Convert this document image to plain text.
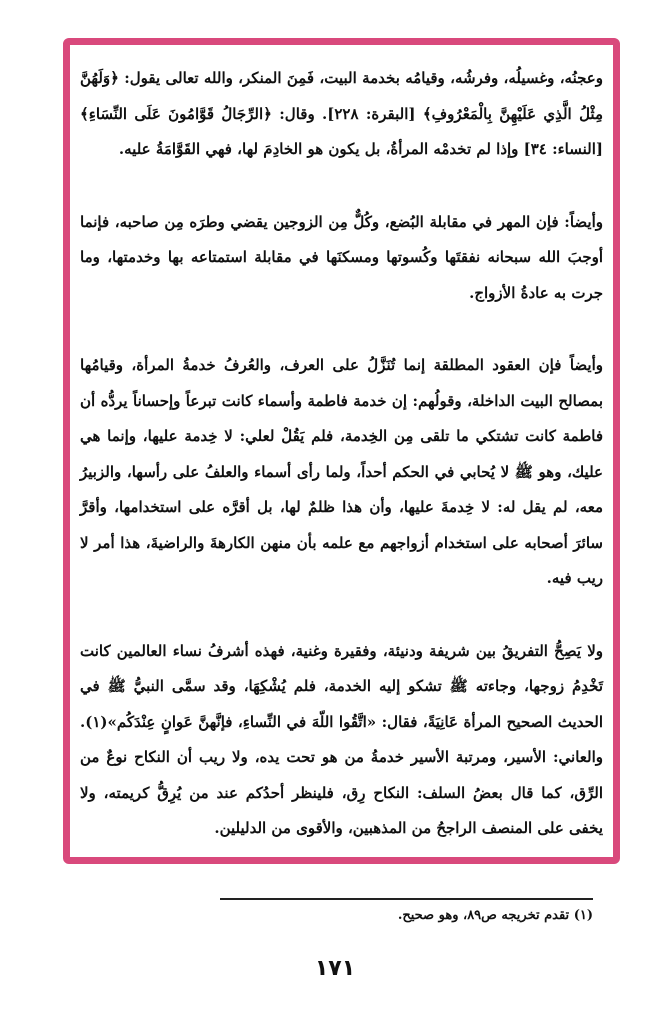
وعجنُه، وغسيلُه، وفرشُه، وقيامُه بخدمة البيت، فَمِنَ المنكر، والله تعالى يقول: ﴿وَلَهُنَّ مِثْلُ الَّذِي عَلَيْهِنَّ بِالْمَعْرُوفِ﴾ [البقرة: ٢٢٨]. وقال: ﴿الرِّجَالُ قَوَّامُونَ عَلَى النِّسَاءِ﴾ [النساء: ٣٤] وإذا لم تخدمْه المرأةُ، بل يكون هو الخادِمَ لها، فهي القَوَّامَةُ عليه.

وأيضاً: فإن المهر في مقابلة البُضع، وكُلٌّ مِن الزوجين يقضي وطرَه مِن صاحبه، فإنما أوجبَ الله سبحانه نفقتَها وكُسوتها ومسكنَها في مقابلة استمتاعه بها وخدمتها، وما جرت به عادةُ الأزواج.

وأيضاً فإن العقود المطلقة إنما تُنَزَّلُ على العرف، والعُرفُ خدمةُ المرأة، وقيامُها بمصالح البيت الداخلة، وقولُهم: إن خدمة فاطمة وأسماء كانت تبرعاً وإحساناً يردُّه أن فاطمة كانت تشتكي ما تلقى مِن الخِدمة، فلم يَقُلْ لعلي: لا خِدمة عليها، وإنما هي عليك، وهو ﷺ لا يُحابي في الحكم أحداً، ولما رأى أسماء والعلفُ على رأسها، والزبيرُ معه، لم يقل له: لا خِدمةَ عليها، وأن هذا ظلمٌ لها، بل أقرَّه على استخدامها، وأقرَّ سائرَ أصحابه على استخدام أزواجهم مع علمه بأن منهن الكارهةَ والراضيةَ، هذا أمر لا ريب فيه.

ولا يَصِحُّ التفريقُ بين شريفة ودنيئة، وفقيرة وغنية، فهذه أشرفُ نساء العالمين كانت تَخْدِمُ زوجها، وجاءته ﷺ تشكو إليه الخدمة، فلم يُشْكِهَا، وقد سمَّى النبيُّ ﷺ في الحديث الصحيح المرأة عَانِيَةً، فقال: «اتَّقُوا اللّهَ في النِّساءِ، فإنَّهنَّ عَوانٍ عِنْدَكُم»(١). والعاني: الأسير، ومرتبة الأسير خدمةُ من هو تحت يده، ولا ريب أن النكاح نوعٌ من الرِّق، كما قال بعضُ السلف: النكاح رِق، فلينظر أحدُكم عند من يُرِقُّ كريمته، ولا يخفى على المنصف الراجحُ من المذهبين، والأقوى من الدليلين.

(١) تقدم تخريجه ص٨٩، وهو صحيح.
١٧١
